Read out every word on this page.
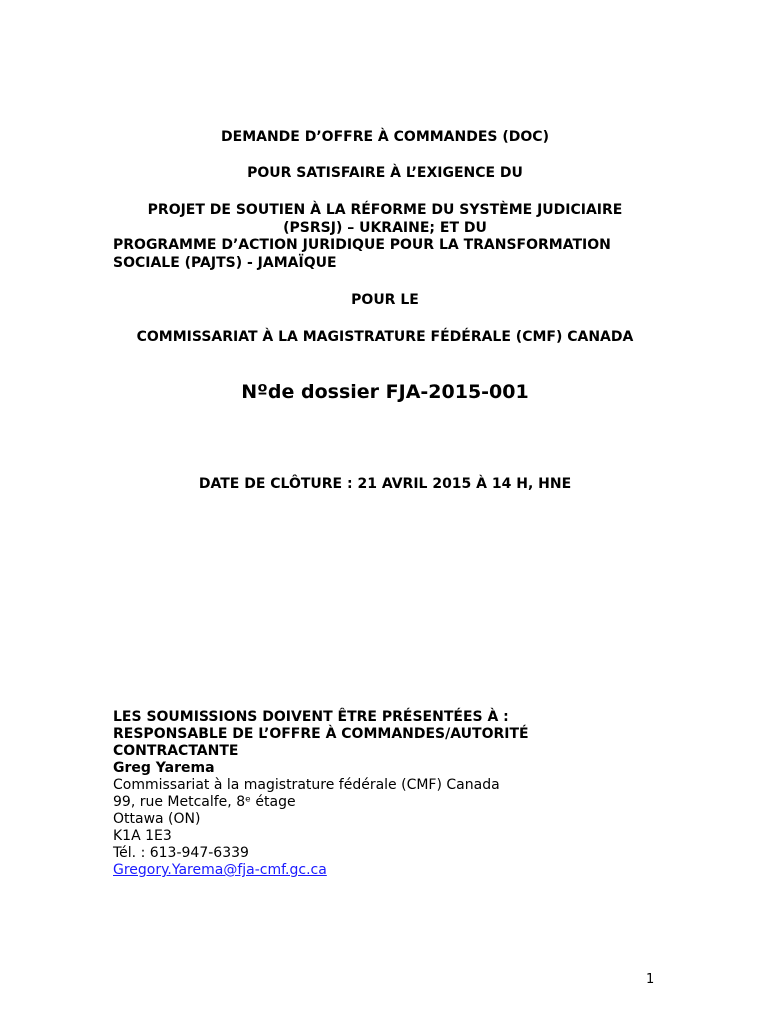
DEMANDE D’OFFRE À COMMANDES (DOC)

POUR SATISFAIRE À L’EXIGENCE DU

PROJET DE SOUTIEN À LA RÉFORME DU SYSTÈME JUDICIAIRE

(PSRSJ) – UKRAINE; ET DU

PROGRAMME D’ACTION JURIDIQUE POUR LA TRANSFORMATION

SOCIALE (PAJTS) - JAMAÏQUE

POUR LE

COMMISSARIAT À LA MAGISTRATURE FÉDÉRALE (CMF) CANADA

Nºde dossier FJA-2015-001

DATE DE CLÔTURE : 21 AVRIL 2015 À 14 H, HNE

LES SOUMISSIONS DOIVENT ÊTRE PRÉSENTÉES À :
RESPONSABLE DE L’OFFRE À COMMANDES/AUTORITÉ
CONTRACTANTE
Greg Yarema
Commissariat à la magistrature fédérale (CMF) Canada
99, rue Metcalfe, 8ᵉ étage
Ottawa (ON)
K1A 1E3
Tél. : 613-947-6339
Gregory.Yarema@fja-cmf.gc.ca
1
